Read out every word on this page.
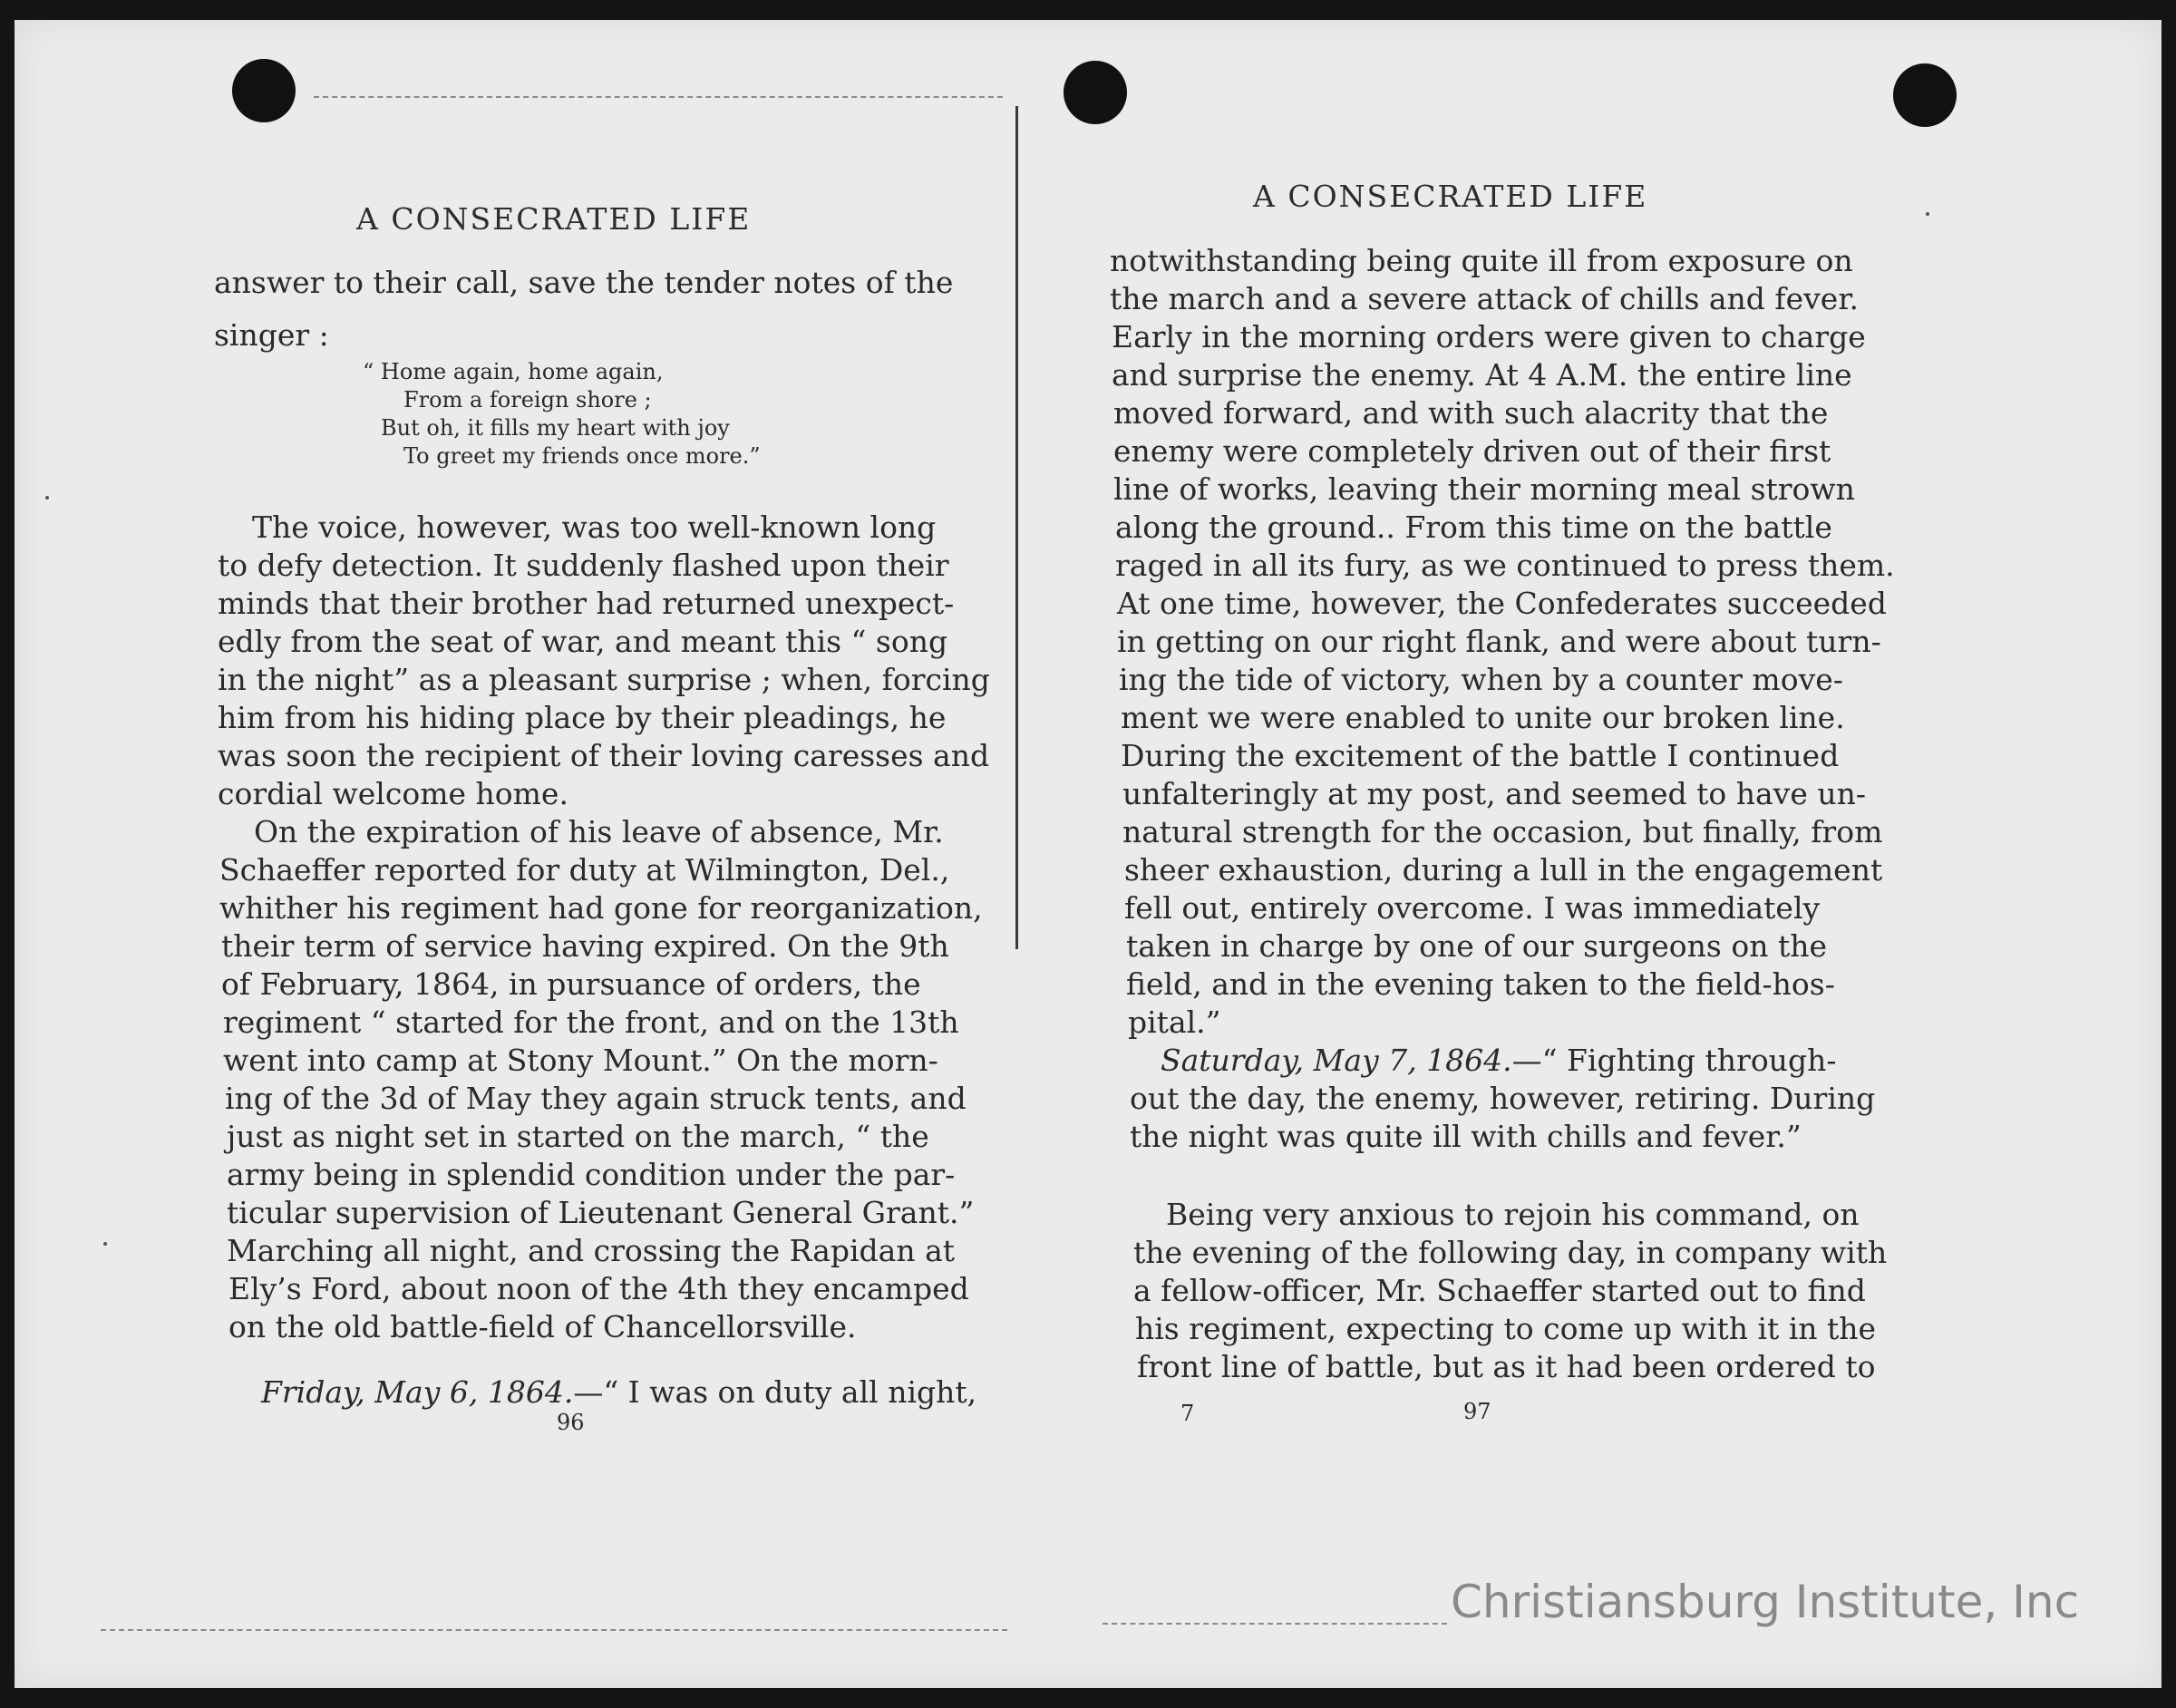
A CONSECRATED LIFE
answer to their call, save the tender notes of the
singer :
“ Home again, home again,
From a foreign shore ;
But oh, it fills my heart with joy
To greet my friends once more.”
The voice, however, was too well-known long
to defy detection. It suddenly flashed upon their
minds that their brother had returned unexpect-
edly from the seat of war, and meant this “ song
in the night” as a pleasant surprise ; when, forcing
him from his hiding place by their pleadings, he
was soon the recipient of their loving caresses and
cordial welcome home.
On the expiration of his leave of absence, Mr.
Schaeffer reported for duty at Wilmington, Del.,
whither his regiment had gone for reorganization,
their term of service having expired. On the 9th
of February, 1864, in pursuance of orders, the
regiment “ started for the front, and on the 13th
went into camp at Stony Mount.” On the morn-
ing of the 3d of May they again struck tents, and
just as night set in started on the march, “ the
army being in splendid condition under the par-
ticular supervision of Lieutenant General Grant.”
Marching all night, and crossing the Rapidan at
Ely’s Ford, about noon of the 4th they encamped
on the old battle-field of Chancellorsville.
Friday, May 6, 1864.—“ I was on duty all night,
96
A CONSECRATED LIFE
notwithstanding being quite ill from exposure on
the march and a severe attack of chills and fever.
Early in the morning orders were given to charge
and surprise the enemy. At 4 A.M. the entire line
moved forward, and with such alacrity that the
enemy were completely driven out of their first
line of works, leaving their morning meal strown
along the ground.. From this time on the battle
raged in all its fury, as we continued to press them.
At one time, however, the Confederates succeeded
in getting on our right flank, and were about turn-
ing the tide of victory, when by a counter move-
ment we were enabled to unite our broken line.
During the excitement of the battle I continued
unfalteringly at my post, and seemed to have un-
natural strength for the occasion, but finally, from
sheer exhaustion, during a lull in the engagement
fell out, entirely overcome. I was immediately
taken in charge by one of our surgeons on the
field, and in the evening taken to the field-hos-
pital.”
Saturday, May 7, 1864.—“ Fighting through-
out the day, the enemy, however, retiring. During
the night was quite ill with chills and fever.”
Being very anxious to rejoin his command, on
the evening of the following day, in company with
a fellow-officer, Mr. Schaeffer started out to find
his regiment, expecting to come up with it in the
front line of battle, but as it had been ordered to
7	97
Christiansburg Institute, Inc
